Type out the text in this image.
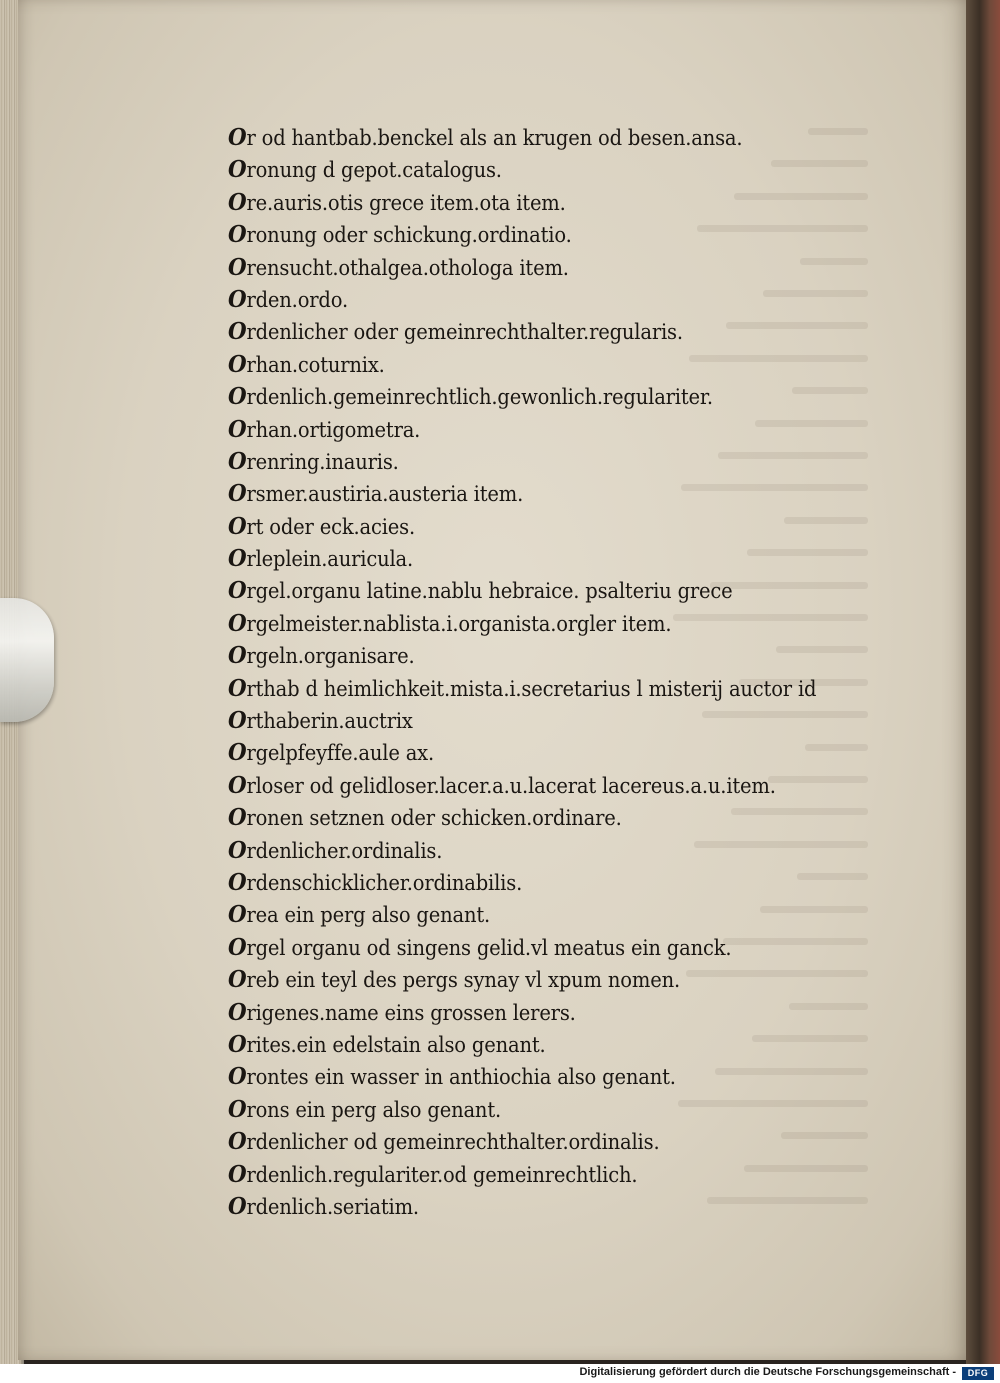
Or od hantbab.benckel als an krugen od besen.ansa.
Oronung d gepot.catalogus.
Ore.auris.otis grece item.ota item.
Oronung oder schickung.ordinatio.
Orensucht.othalgea.othologa item.
Orden.ordo.
Ordenlicher oder gemeinrechthalter.regularis.
Orhan.coturnix.
Ordenlich.gemeinrechtlich.gewonlich.regulariter.
Orhan.ortigometra.
Orenring.inauris.
Orsmer.austiria.austeria item.
Ort oder eck.acies.
Orleplein.auricula.
Orgel.organu latine.nablu hebraice. psalteriu grece
Orgelmeister.nablista.i.organista.orgler item.
Orgeln.organisare.
Orthab d heimlichkeit.mista.i.secretarius l misterij auctor id
Orthaberin.auctrix
Orgelpfeyffe.aule ax.
Orloser od gelidloser.lacer.a.u.lacerat lacereus.a.u.item.
Oronen setznen oder schicken.ordinare.
Ordenlicher.ordinalis.
Ordenschicklicher.ordinabilis.
Orea ein perg also genant.
Orgel organu od singens gelid.vl meatus ein ganck.
Oreb ein teyl des pergs synay vl xpum nomen.
Origenes.name eins grossen lerers.
Orites.ein edelstain also genant.
Orontes ein wasser in anthiochia also genant.
Orons ein perg also genant.
Ordenlicher od gemeinrechthalter.ordinalis.
Ordenlich.regulariter.od gemeinrechtlich.
Ordenlich.seriatim.
Digitalisierung gefördert durch die Deutsche Forschungsgemeinschaft -	DFG
